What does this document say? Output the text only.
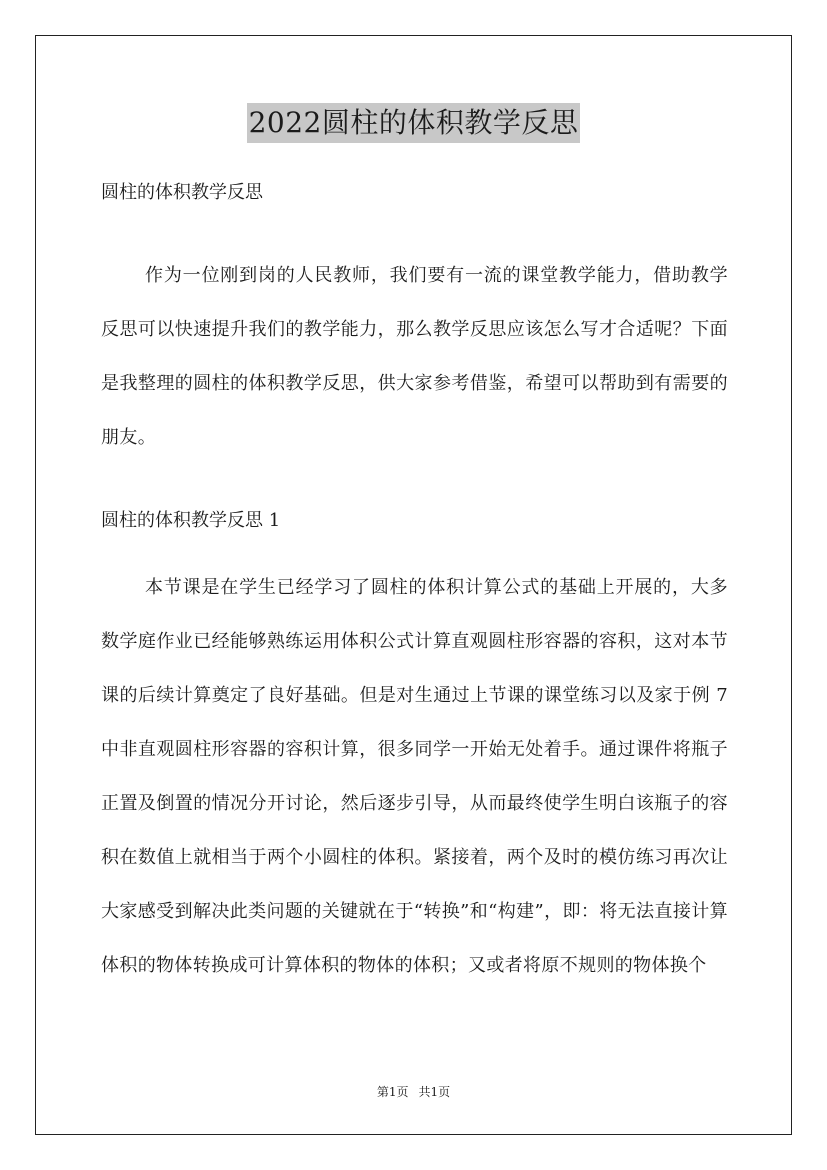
2022圆柱的体积教学反思
圆柱的体积教学反思

作为一位刚到岗的人民教师，我们要有一流的课堂教学能力，借助教学反思可以快速提升我们的教学能力，那么教学反思应该怎么写才合适呢？下面是我整理的圆柱的体积教学反思，供大家参考借鉴，希望可以帮助到有需要的朋友。

圆柱的体积教学反思 1

本节课是在学生已经学习了圆柱的体积计算公式的基础上开展的，大多数学庭作业已经能够熟练运用体积公式计算直观圆柱形容器的容积，这对本节课的后续计算奠定了良好基础。但是对生通过上节课的课堂练习以及家于例 7 中非直观圆柱形容器的容积计算，很多同学一开始无处着手。通过课件将瓶子正置及倒置的情况分开讨论，然后逐步引导，从而最终使学生明白该瓶子的容积在数值上就相当于两个小圆柱的体积。紧接着，两个及时的模仿练习再次让大家感受到解决此类问题的关键就在于“转换”和“构建”，即：将无法直接计算体积的物体转换成可计算体积的物体的体积；又或者将原不规则的物体换个

第1页 共1页
